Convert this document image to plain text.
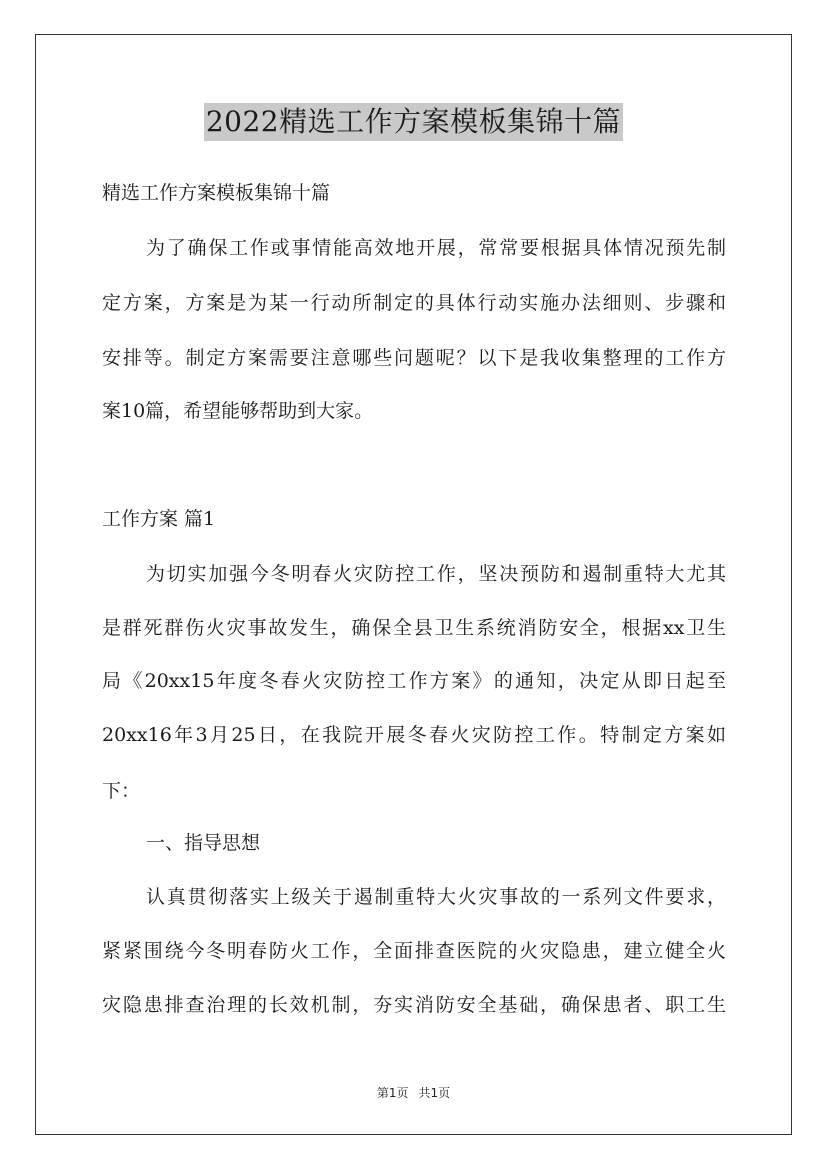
2022精选工作方案模板集锦十篇
精选工作方案模板集锦十篇
为了确保工作或事情能高效地开展，常常要根据具体情况预先制
定方案，方案是为某一行动所制定的具体行动实施办法细则、步骤和
安排等。制定方案需要注意哪些问题呢？以下是我收集整理的工作方
案10篇，希望能够帮助到大家。
工作方案 篇1
为切实加强今冬明春火灾防控工作，坚决预防和遏制重特大尤其
是群死群伤火灾事故发生，确保全县卫生系统消防安全，根据xx卫生
局《20xx15年度冬春火灾防控工作方案》的通知，决定从即日起至
20xx16年3月25日，在我院开展冬春火灾防控工作。特制定方案如
下：
一、指导思想
认真贯彻落实上级关于遏制重特大火灾事故的一系列文件要求，
紧紧围绕今冬明春防火工作，全面排查医院的火灾隐患，建立健全火
灾隐患排查治理的长效机制，夯实消防安全基础，确保患者、职工生
第1页 共1页
